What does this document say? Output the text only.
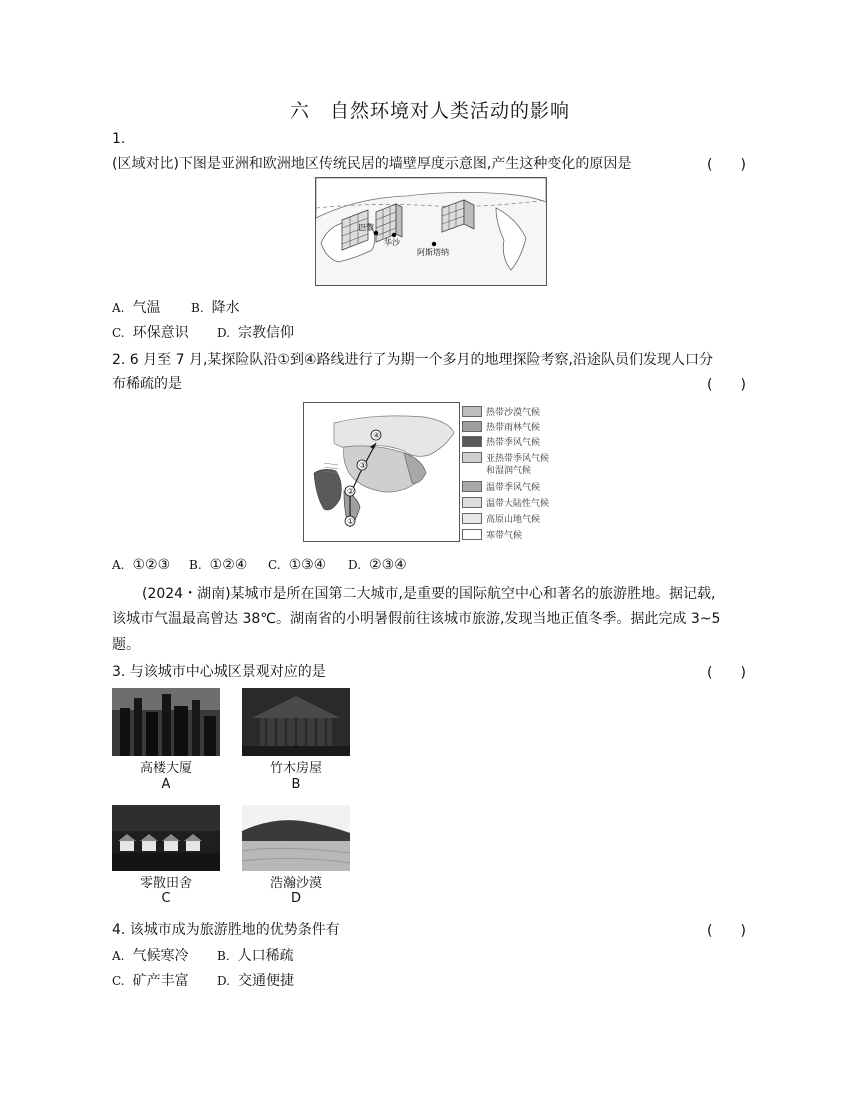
六　自然环境对人类活动的影响
1.
(区域对比)下图是亚洲和欧洲地区传统民居的墙壁厚度示意图,产生这种变化的原因是	(　　)
巴黎
华沙
阿斯塔纳
A. 气温	B. 降水
C. 环保意识 D. 宗教信仰
2. 6 月至 7 月,某探险队沿①到④路线进行了为期一个多月的地理探险考察,沿途队员们发现人口分
布稀疏的是	(　　)
①
②
③
④
热带沙漠气候
热带雨林气候
热带季风气候
亚热带季风气候
和湿润气候
温带季风气候
温带大陆性气候
高原山地气候
寒带气候
A. ①②③ B. ①②④ C. ①③④ D. ②③④
(2024・湖南)某城市是所在国第二大城市,是重要的国际航空中心和著名的旅游胜地。据记载,
该城市气温最高曾达 38℃。湖南省的小明暑假前往该城市旅游,发现当地正值冬季。据此完成 3~5
题。
3. 与该城市中心城区景观对应的是	(　　)
高楼大厦
A
竹木房屋
B
零散田舍
C
浩瀚沙漠
D
4. 该城市成为旅游胜地的优势条件有	(　　)
A. 气候寒冷 B. 人口稀疏
C. 矿产丰富 D. 交通便捷
